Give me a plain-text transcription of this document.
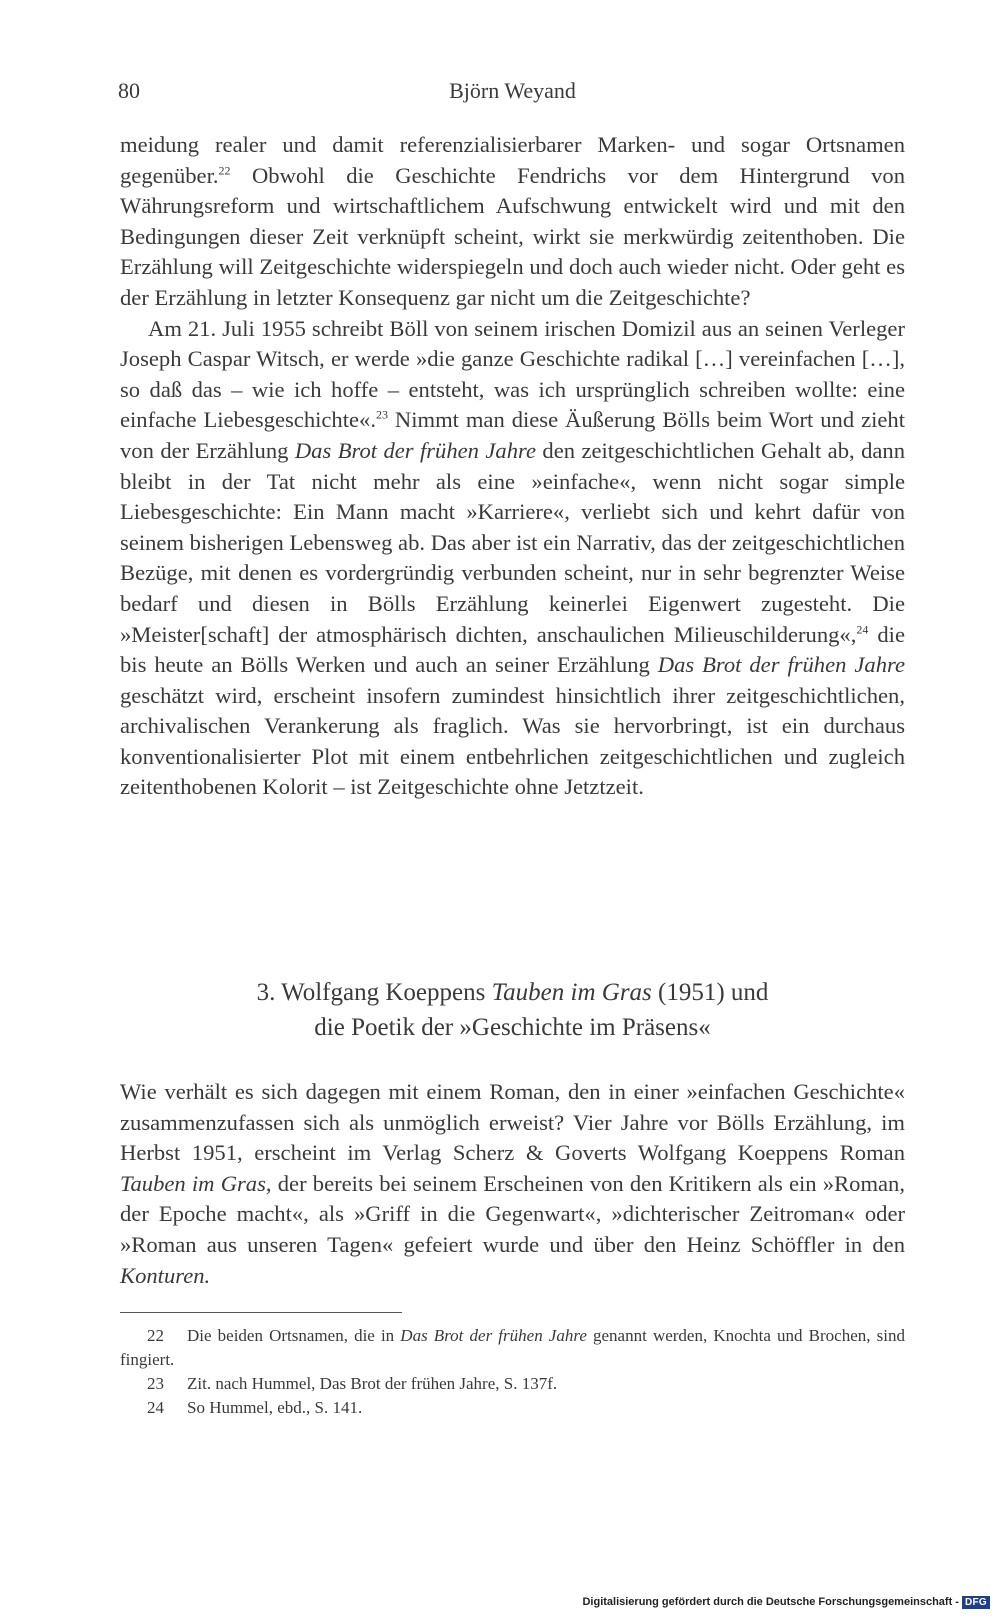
80	Björn Weyand

meidung realer und damit referenzialisierbarer Marken- und sogar Ortsnamen gegenüber.$^{22}$ Obwohl die Geschichte Fendrichs vor dem Hintergrund von Währungsreform und wirtschaftlichem Aufschwung entwickelt wird und mit den Bedingungen dieser Zeit verknüpft scheint, wirkt sie merkwürdig zeitenthoben. Die Erzählung will Zeitgeschichte widerspiegeln und doch auch wieder nicht. Oder geht es der Erzählung in letzter Konsequenz gar nicht um die Zeitgeschichte?

Am 21. Juli 1955 schreibt Böll von seinem irischen Domizil aus an seinen Verleger Joseph Caspar Witsch, er werde »die ganze Geschichte radikal […] vereinfachen […], so daß das – wie ich hoffe – entsteht, was ich ursprünglich schreiben wollte: eine einfache Liebesgeschichte«.$^{23}$ Nimmt man diese Äußerung Bölls beim Wort und zieht von der Erzählung Das Brot der frühen Jahre den zeitgeschichtlichen Gehalt ab, dann bleibt in der Tat nicht mehr als eine »einfache«, wenn nicht sogar simple Liebesgeschichte: Ein Mann macht »Karriere«, verliebt sich und kehrt dafür von seinem bisherigen Lebensweg ab. Das aber ist ein Narrativ, das der zeitgeschichtlichen Bezüge, mit denen es vordergründig verbunden scheint, nur in sehr begrenzter Weise bedarf und diesen in Bölls Erzählung keinerlei Eigenwert zugesteht. Die »Meister[schaft] der atmosphärisch dichten, anschaulichen Milieuschilderung«,$^{24}$ die bis heute an Bölls Werken und auch an seiner Erzählung Das Brot der frühen Jahre geschätzt wird, erscheint insofern zumindest hinsichtlich ihrer zeitgeschichtlichen, archivalischen Verankerung als fraglich. Was sie hervorbringt, ist ein durchaus konventionalisierter Plot mit einem entbehrlichen zeitgeschichtlichen und zugleich zeitenthobenen Kolorit – ist Zeitgeschichte ohne Jetztzeit.

3. Wolfgang Koeppens Tauben im Gras (1951) und
die Poetik der »Geschichte im Präsens«

Wie verhält es sich dagegen mit einem Roman, den in einer »einfachen Geschichte« zusammenzufassen sich als unmöglich erweist? Vier Jahre vor Bölls Erzählung, im Herbst 1951, erscheint im Verlag Scherz & Goverts Wolfgang Koeppens Roman Tauben im Gras, der bereits bei seinem Erscheinen von den Kritikern als ein »Roman, der Epoche macht«, als »Griff in die Gegenwart«, »dichterischer Zeitroman« oder »Roman aus unseren Tagen« gefeiert wurde und über den Heinz Schöffler in den Konturen.

22 Die beiden Ortsnamen, die in Das Brot der frühen Jahre genannt werden, Knochta und Brochen, sind fingiert.

23 Zit. nach Hummel, Das Brot der frühen Jahre, S. 137f.

24 So Hummel, ebd., S. 141.

Digitalisierung gefördert durch die Deutsche Forschungsgemeinschaft - DFG
